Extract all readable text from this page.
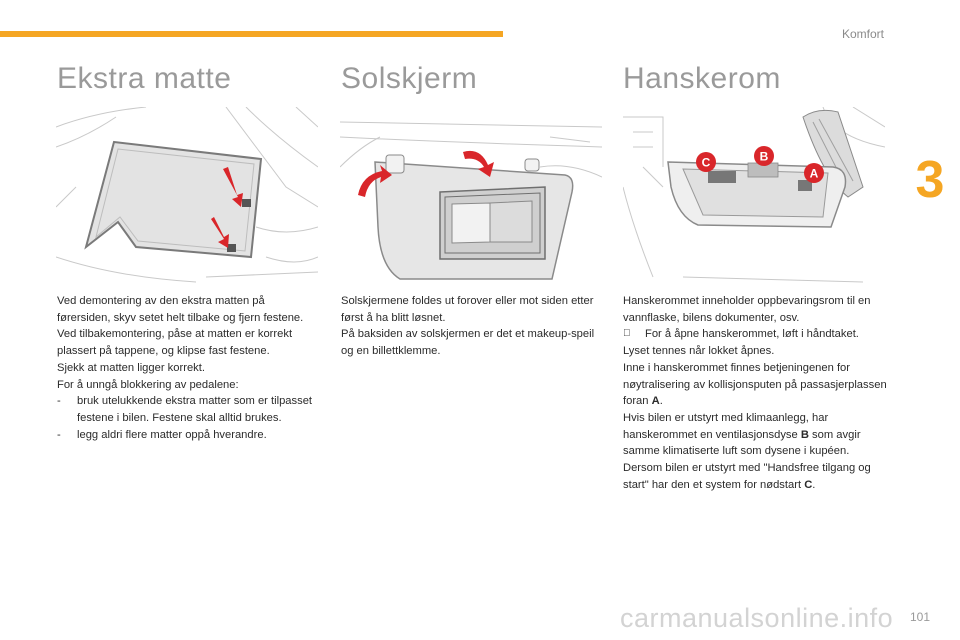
Komfort
3
Ekstra matte

Ved demontering av den ekstra matten på førersiden, skyv setet helt tilbake og fjern festene.

Ved tilbakemontering, påse at matten er korrekt plassert på tappene, og klipse fast festene.

Sjekk at matten ligger korrekt.

For å unngå blokkering av pedalene:

- bruk utelukkende ekstra matter som er tilpasset festene i bilen. Festene skal alltid brukes.
- legg aldri flere matter oppå hverandre.
Solskjerm

Solskjermene foldes ut forover eller mot siden etter først å ha blitt løsnet.

På baksiden av solskjermen er det et makeup-speil og en billettklemme.

Hanskerom
C	B
A

Hanskerommet inneholder oppbevaringsrom til en vannflaske, bilens dokumenter, osv.

For å åpne hanskerommet, løft i håndtaket.

Lyset tennes når lokket åpnes.

Inne i hanskerommet finnes betjeningenen for nøytralisering av kollisjonsputen på passasjerplassen foran A.

Hvis bilen er utstyrt med klimaanlegg, har hanskerommet en ventilasjonsdyse B som avgir samme klimatiserte luft som dysene i kupéen.

Dersom bilen er utstyrt med "Handsfree tilgang og start" har den et system for nødstart C.

carmanualsonline.info 101
